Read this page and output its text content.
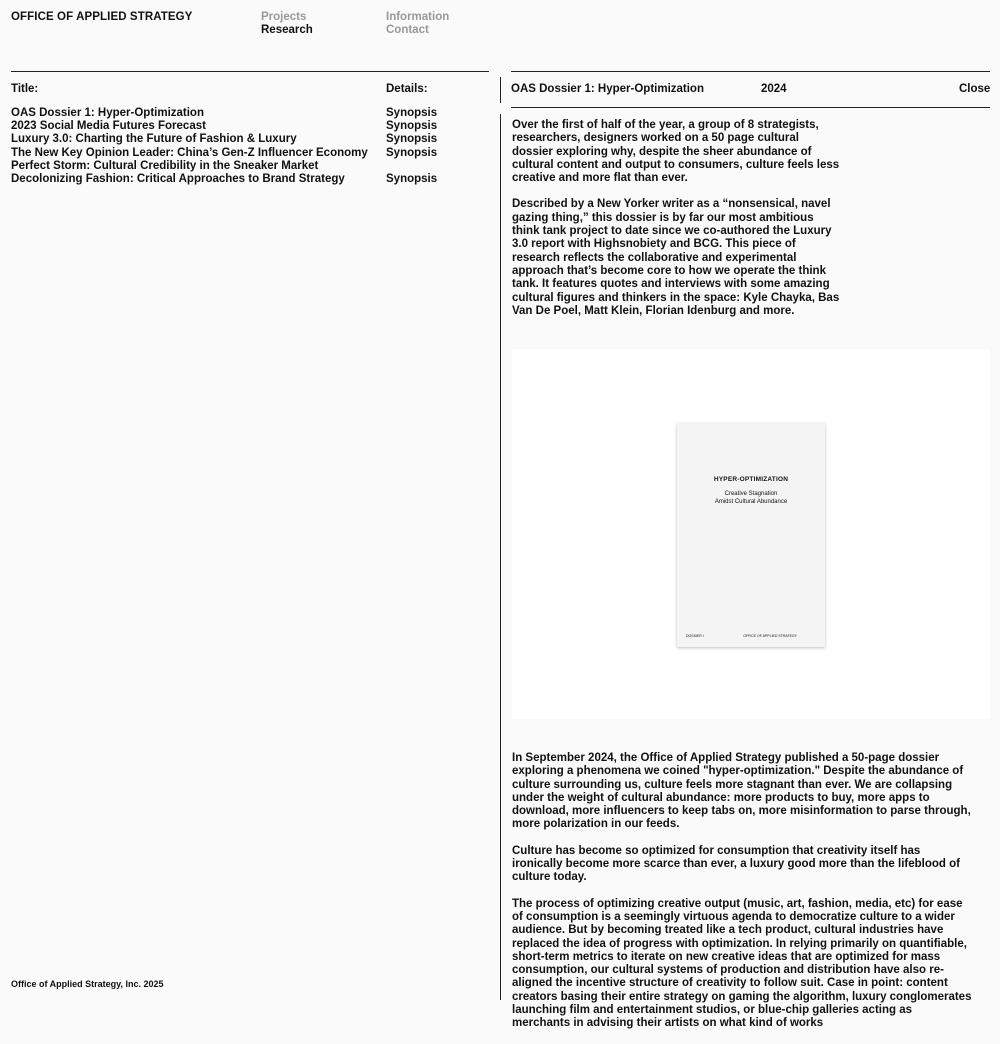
OFFICE OF APPLIED STRATEGY	Projects
Research
Information
Contact
Title:	Details:
OAS Dossier 1: Hyper-Optimization	Synopsis
2023 Social Media Futures Forecast	Synopsis
Luxury 3.0: Charting the Future of Fashion & Luxury	Synopsis
The New Key Opinion Leader: China’s Gen-Z Influencer Economy	Synopsis
Perfect Storm: Cultural Credibility in the Sneaker Market
Decolonizing Fashion: Critical Approaches to Brand Strategy	Synopsis
OAS Dossier 1: Hyper-Optimization	2024	Close

Over the first of half of the year, a group of 8 strategists, researchers, designers worked on a 50 page cultural dossier exploring why, despite the sheer abundance of cultural content and output to consumers, culture feels less creative and more flat than ever.

Described by a New Yorker writer as a “nonsensical, navel gazing thing,” this dossier is by far our most ambitious think tank project to date since we co-authored the Luxury 3.0 report with Highsnobiety and BCG. This piece of research reflects the collaborative and experimental approach that’s become core to how we operate the think tank. It features quotes and interviews with some amazing cultural figures and thinkers in the space: Kyle Chayka, Bas Van De Poel, Matt Klein, Florian Idenburg and more.

HYPER-OPTIMIZATION
Creative Stagnation
Amidst Cultural Abundance
DOSSIER I	OFFICE OF APPLIED STRATEGY

In September 2024, the Office of Applied Strategy published a 50-page dossier exploring a phenomena we coined "hyper-optimization." Despite the abundance of culture surrounding us, culture feels more stagnant than ever. We are collapsing under the weight of cultural abundance: more products to buy, more apps to download, more influencers to keep tabs on, more misinformation to parse through, more polarization in our feeds.

Culture has become so optimized for consumption that creativity itself has ironically become more scarce than ever, a luxury good more than the lifeblood of culture today.

The process of optimizing creative output (music, art, fashion, media, etc) for ease of consumption is a seemingly virtuous agenda to democratize culture to a wider audience. But by becoming treated like a tech product, cultural industries have replaced the idea of progress with optimization. In relying primarily on quantifiable, short-term metrics to iterate on new creative ideas that are optimized for mass consumption, our cultural systems of production and distribution have also re-aligned the incentive structure of creativity to follow suit. Case in point: content creators basing their entire strategy on gaming the algorithm, luxury conglomerates launching film and entertainment studios, or blue-chip galleries acting as merchants in advising their artists on what kind of works

Office of Applied Strategy, Inc. 2025
